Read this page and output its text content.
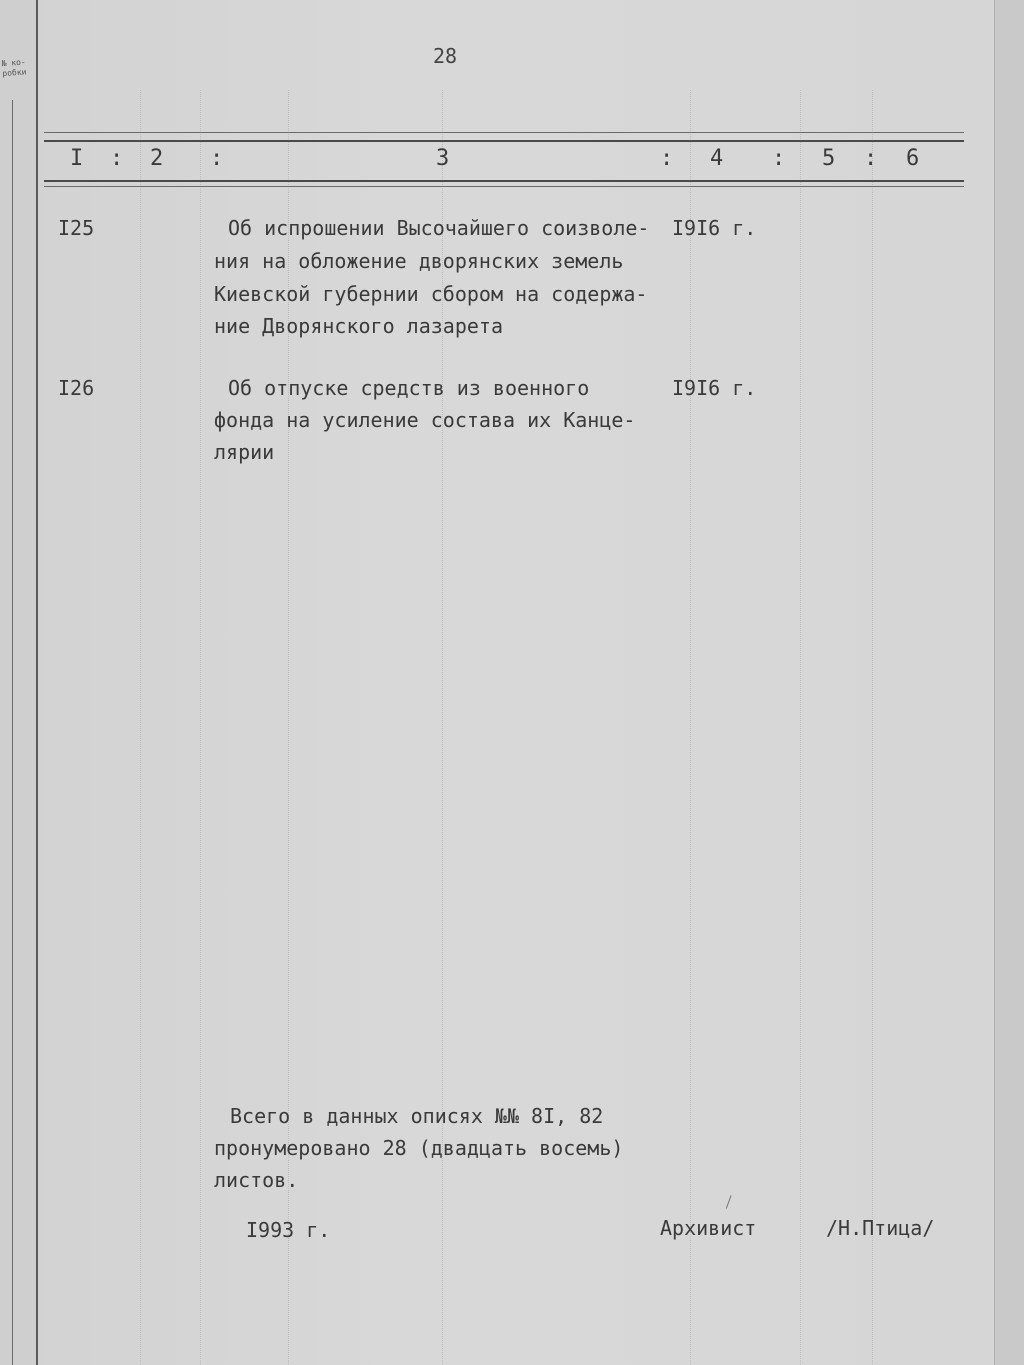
№ ко-
робки
28
I : 2 :	3	: 4 : 5 : 6
I25	Об испрошении Высочайшего соизволе- I9I6 г.
ния на обложение дворянских земель
Киевской губернии сбором на содержа-
ние Дворянского лазарета
I26	Об отпуске средств из военного	I9I6 г.
фонда на усиление состава их Канце-
лярии
Всего в данных описях №№ 8I, 82
пронумеровано 28 (двадцать восемь)
листов.
I993 г.	Архивист	/Н.Птица/
